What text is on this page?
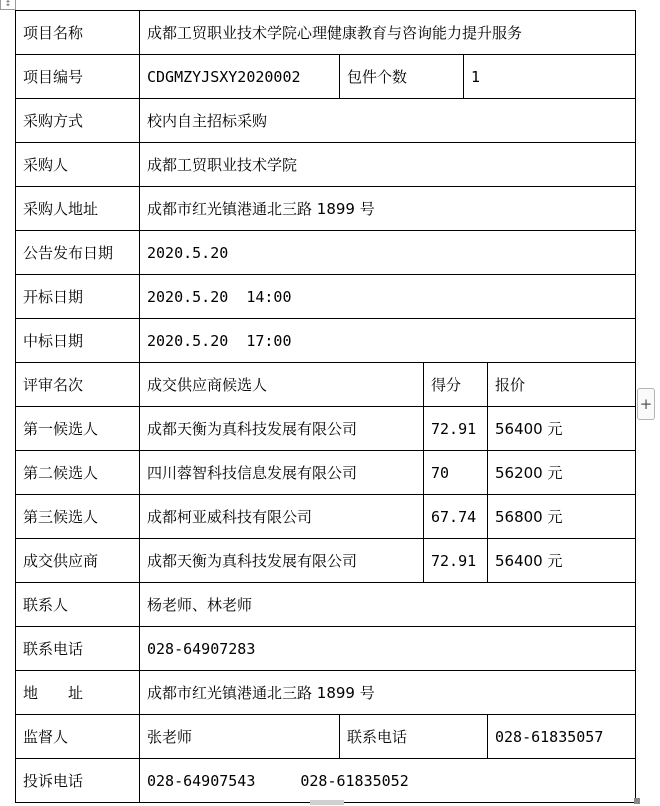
↕
项目名称	成都工贸职业技术学院心理健康教育与咨询能力提升服务				
项目编号	CDGMZYJSXY2020002	包件个数		1	
采购方式	校内自主招标采购				
采购人	成都工贸职业技术学院				
采购人地址	成都市红光镇港通北三路 1899 号				
公告发布日期	2020.5.20				
开标日期	2020.5.20  14:00				
中标日期	2020.5.20  17:00				
评审名次	成交供应商候选人		得分		报价
第一候选人	成都天衡为真科技发展有限公司		72.91		56400 元
第二候选人	四川蓉智科技信息发展有限公司		70		56200 元
第三候选人	成都柯亚威科技有限公司		67.74		56800 元
成交供应商	成都天衡为真科技发展有限公司		72.91		56400 元
联系人	杨老师、林老师				
联系电话	028-64907283				
地　　址	成都市红光镇港通北三路 1899 号				
监督人	张老师	联系电话			028-61835057
投诉电话	028-64907543　　　028-61835052				
+
